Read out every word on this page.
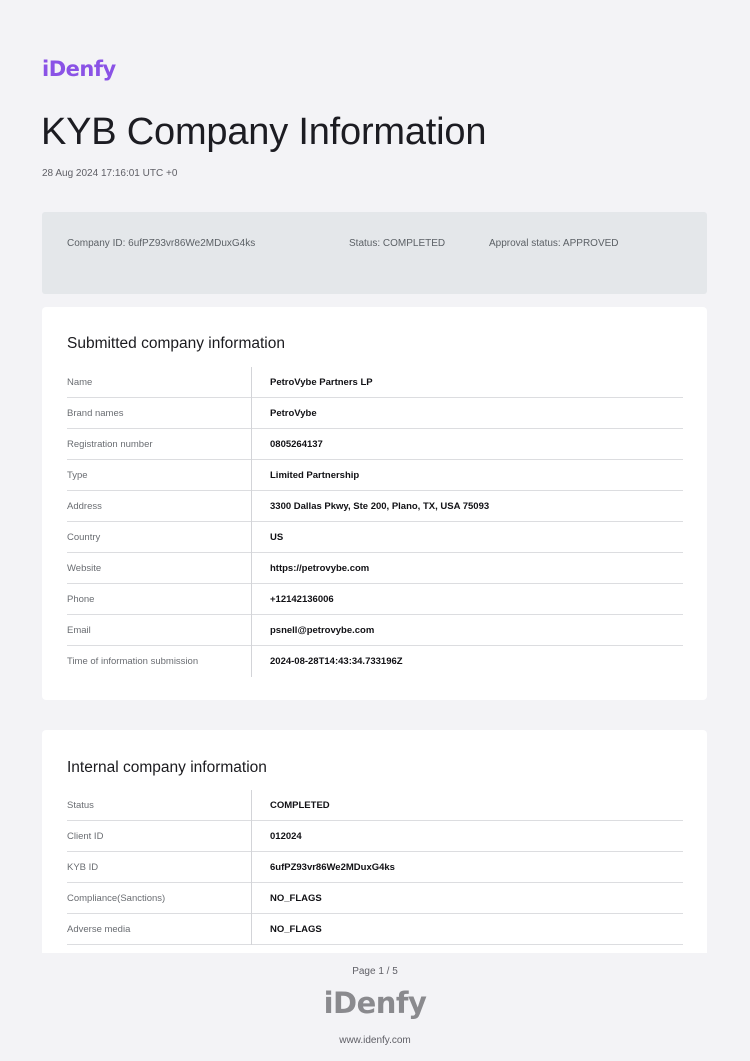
iDenfy
KYB Company Information
28 Aug 2024 17:16:01 UTC +0
Company ID: 6ufPZ93vr86We2MDuxG4ks	Status: COMPLETED	Approval status: APPROVED
Submitted company information
Name	PetroVybe Partners LP
Brand names	PetroVybe
Registration number	0805264137
Type	Limited Partnership
Address	3300 Dallas Pkwy, Ste 200, Plano, TX, USA 75093
Country	US
Website	https://petrovybe.com
Phone	+12142136006
Email	psnell@petrovybe.com
Time of information submission	2024-08-28T14:43:34.733196Z
Internal company information
Status	COMPLETED
Client ID	012024
KYB ID	6ufPZ93vr86We2MDuxG4ks
Compliance(Sanctions)	NO_FLAGS
Adverse media	NO_FLAGS
Page 1 / 5
iDenfy
www.idenfy.com
